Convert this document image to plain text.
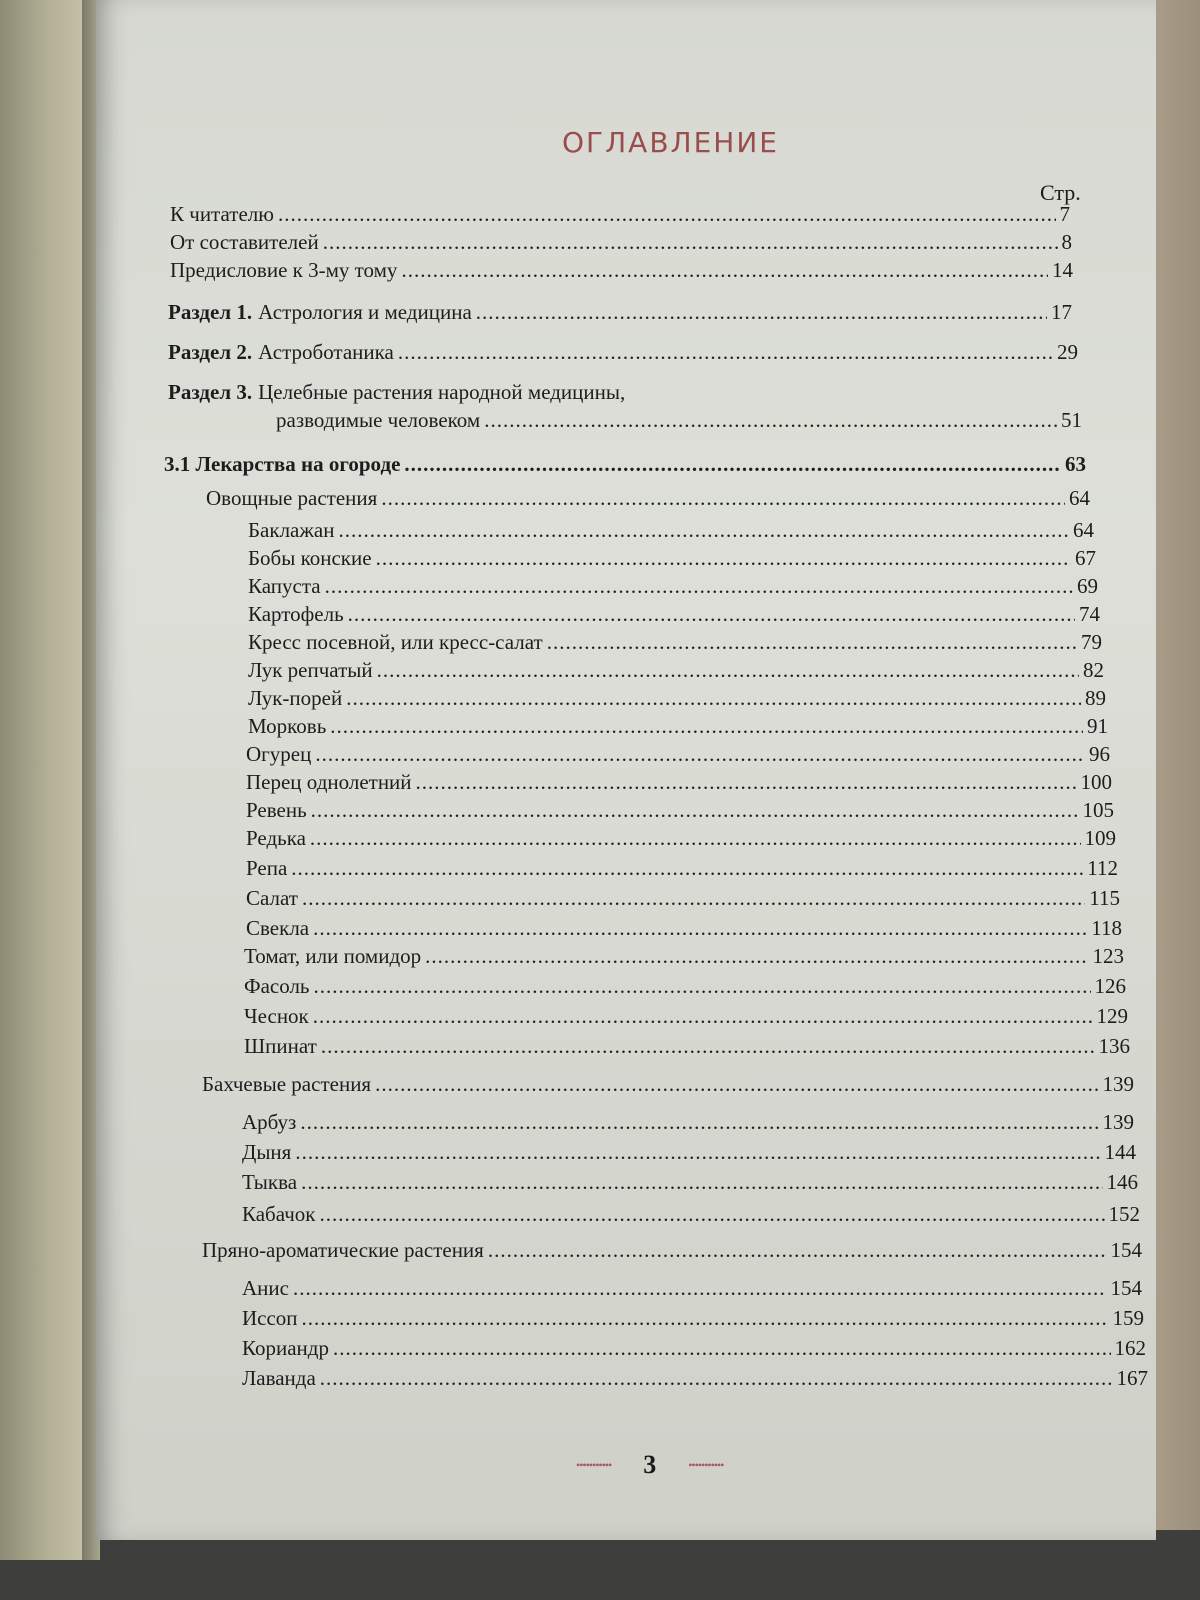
ОГЛАВЛЕНИЕ
Стр.
К читателю .....	7
От составителей .....	8
Предисловие к 3-му тому .....	14
Раздел 1. Астрология и медицина .....	17
Раздел 2. Астроботаника .....	29
Раздел 3. Целебные растения народной медицины,
разводимые человеком .....	51
3.1 Лекарства на огороде .....	63
Овощные растения .....	64
Баклажан .....	64
Бобы конские .....	67
Капуста .....	69
Картофель .....	74
Кресс посевной, или кресс-салат .....	79
Лук репчатый .....	82
Лук-порей .....	89
Морковь .....	91
Огурец .....	96
Перец однолетний .....	100
Ревень .....	105
Редька .....	109
Репа .....	112
Салат .....	115
Свекла .....	118
Томат, или помидор .....	123
Фасоль .....	126
Чеснок .....	129
Шпинат .....	136
Бахчевые растения .....	139
Арбуз .....	139
Дыня .....	144
Тыква .....	146
Кабачок .....	152
Пряно-ароматические растения .....	154
Анис .....	154
Иссоп .....	159
Кориандр .....	162
Лаванда .....	167
••••••••••• 3	•••••••••••
